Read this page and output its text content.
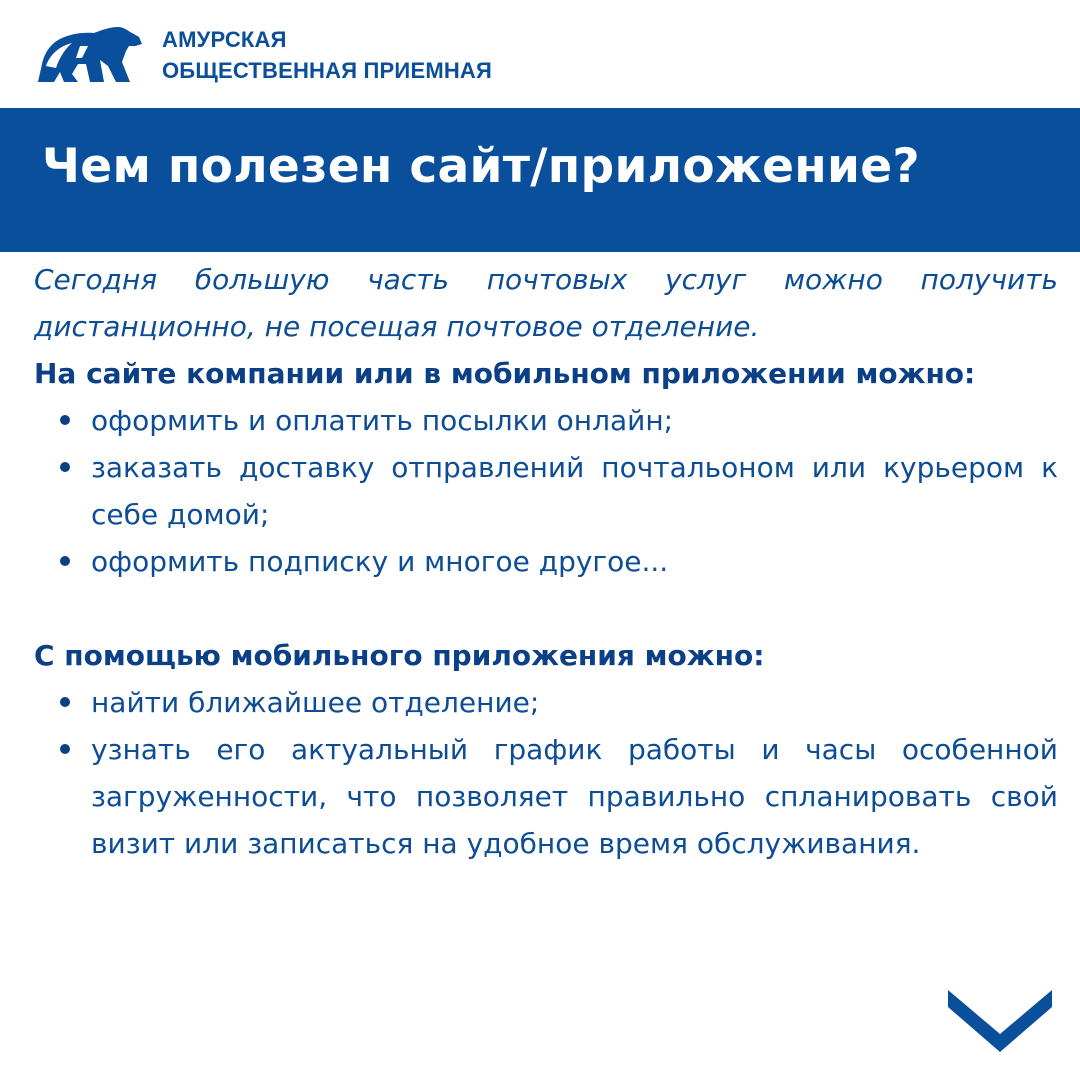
АМУРСКАЯ
ОБЩЕСТВЕННАЯ ПРИЕМНАЯ
Чем полезен сайт/приложение?

Сегодня большую часть почтовых услуг можно получить дистанционно, не посещая почтовое отделение.

На сайте компании или в мобильном приложении можно:

оформить и оплатить посылки онлайн;
заказать доставку отправлений почтальоном или курьером к себе домой;
оформить подписку и многое другое...

С помощью мобильного приложения можно:

найти ближайшее отделение;
узнать его актуальный график работы и часы особенной загруженности, что позволяет правильно спланировать свой визит или записаться на удобное время обслуживания.
